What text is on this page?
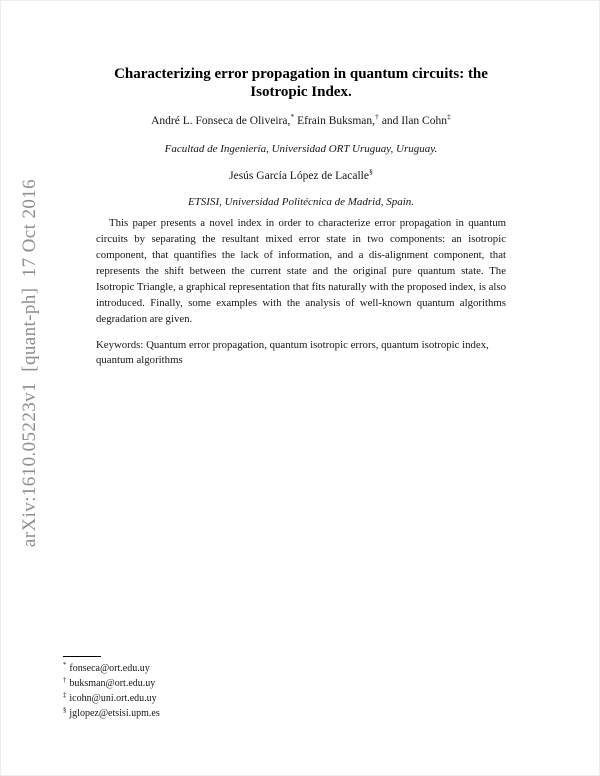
arXiv:1610.05223v1  [quant-ph]  17 Oct 2016
Characterizing error propagation in quantum circuits: the Isotropic Index.
André L. Fonseca de Oliveira,* Efrain Buksman,† and Ilan Cohn‡
Facultad de Ingeniería, Universidad ORT Uruguay, Uruguay.
Jesús García López de Lacalle§
ETSISI, Universidad Politécnica de Madrid, Spain.

This paper presents a novel index in order to characterize error propagation in quantum circuits by separating the resultant mixed error state in two components: an isotropic component, that quantifies the lack of information, and a dis-alignment component, that represents the shift between the current state and the original pure quantum state. The Isotropic Triangle, a graphical representation that fits naturally with the proposed index, is also introduced. Finally, some examples with the analysis of well-known quantum algorithms degradation are given.

Keywords: Quantum error propagation, quantum isotropic errors, quantum isotropic index, quantum algorithms

* fonseca@ort.edu.uy
† buksman@ort.edu.uy
‡ icohn@uni.ort.edu.uy
§ jglopez@etsisi.upm.es
